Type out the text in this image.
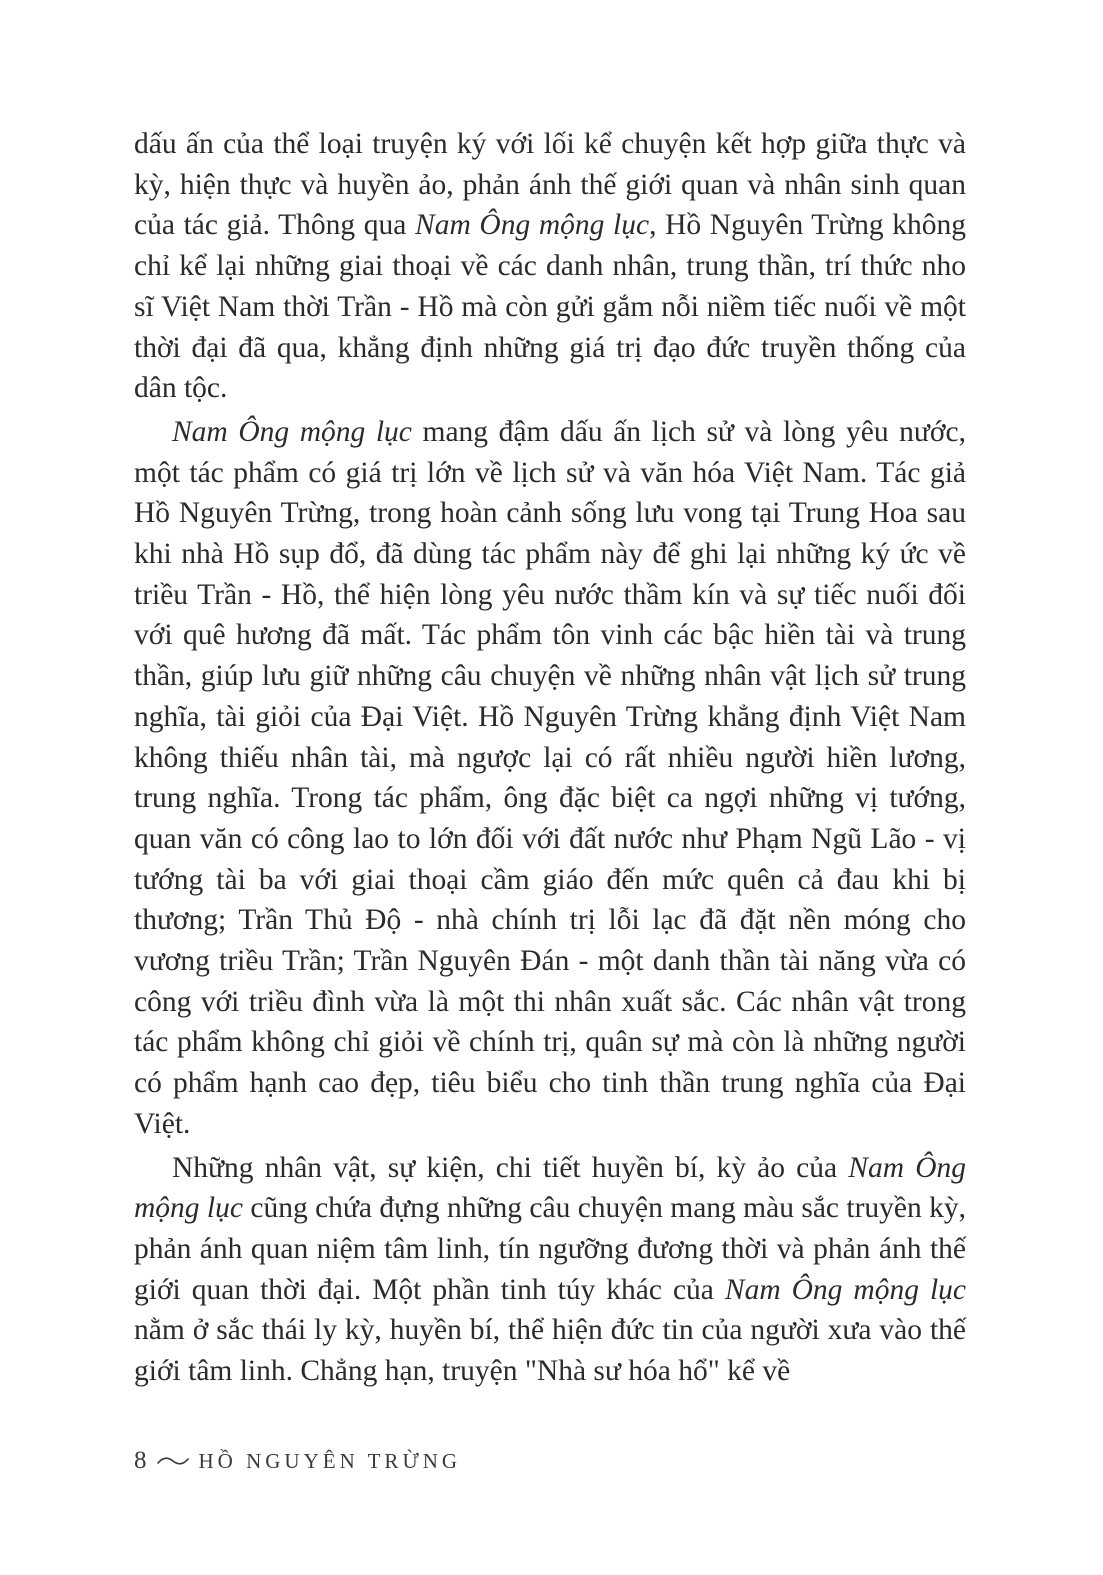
dấu ấn của thể loại truyện ký với lối kể chuyện kết hợp giữa thực và kỳ, hiện thực và huyền ảo, phản ánh thế giới quan và nhân sinh quan của tác giả. Thông qua Nam Ông mộng lục, Hồ Nguyên Trừng không chỉ kể lại những giai thoại về các danh nhân, trung thần, trí thức nho sĩ Việt Nam thời Trần - Hồ mà còn gửi gắm nỗi niềm tiếc nuối về một thời đại đã qua, khẳng định những giá trị đạo đức truyền thống của dân tộc.

Nam Ông mộng lục mang đậm dấu ấn lịch sử và lòng yêu nước, một tác phẩm có giá trị lớn về lịch sử và văn hóa Việt Nam. Tác giả Hồ Nguyên Trừng, trong hoàn cảnh sống lưu vong tại Trung Hoa sau khi nhà Hồ sụp đổ, đã dùng tác phẩm này để ghi lại những ký ức về triều Trần - Hồ, thể hiện lòng yêu nước thầm kín và sự tiếc nuối đối với quê hương đã mất. Tác phẩm tôn vinh các bậc hiền tài và trung thần, giúp lưu giữ những câu chuyện về những nhân vật lịch sử trung nghĩa, tài giỏi của Đại Việt. Hồ Nguyên Trừng khẳng định Việt Nam không thiếu nhân tài, mà ngược lại có rất nhiều người hiền lương, trung nghĩa. Trong tác phẩm, ông đặc biệt ca ngợi những vị tướng, quan văn có công lao to lớn đối với đất nước như Phạm Ngũ Lão - vị tướng tài ba với giai thoại cầm giáo đến mức quên cả đau khi bị thương; Trần Thủ Độ - nhà chính trị lỗi lạc đã đặt nền móng cho vương triều Trần; Trần Nguyên Đán - một danh thần tài năng vừa có công với triều đình vừa là một thi nhân xuất sắc. Các nhân vật trong tác phẩm không chỉ giỏi về chính trị, quân sự mà còn là những người có phẩm hạnh cao đẹp, tiêu biểu cho tinh thần trung nghĩa của Đại Việt.

Những nhân vật, sự kiện, chi tiết huyền bí, kỳ ảo của Nam Ông mộng lục cũng chứa đựng những câu chuyện mang màu sắc truyền kỳ, phản ánh quan niệm tâm linh, tín ngưỡng đương thời và phản ánh thế giới quan thời đại. Một phần tinh túy khác của Nam Ông mộng lục nằm ở sắc thái ly kỳ, huyền bí, thể hiện đức tin của người xưa vào thế giới tâm linh. Chẳng hạn, truyện "Nhà sư hóa hổ" kể về

8 HỒ NGUYÊN TRỪNG
